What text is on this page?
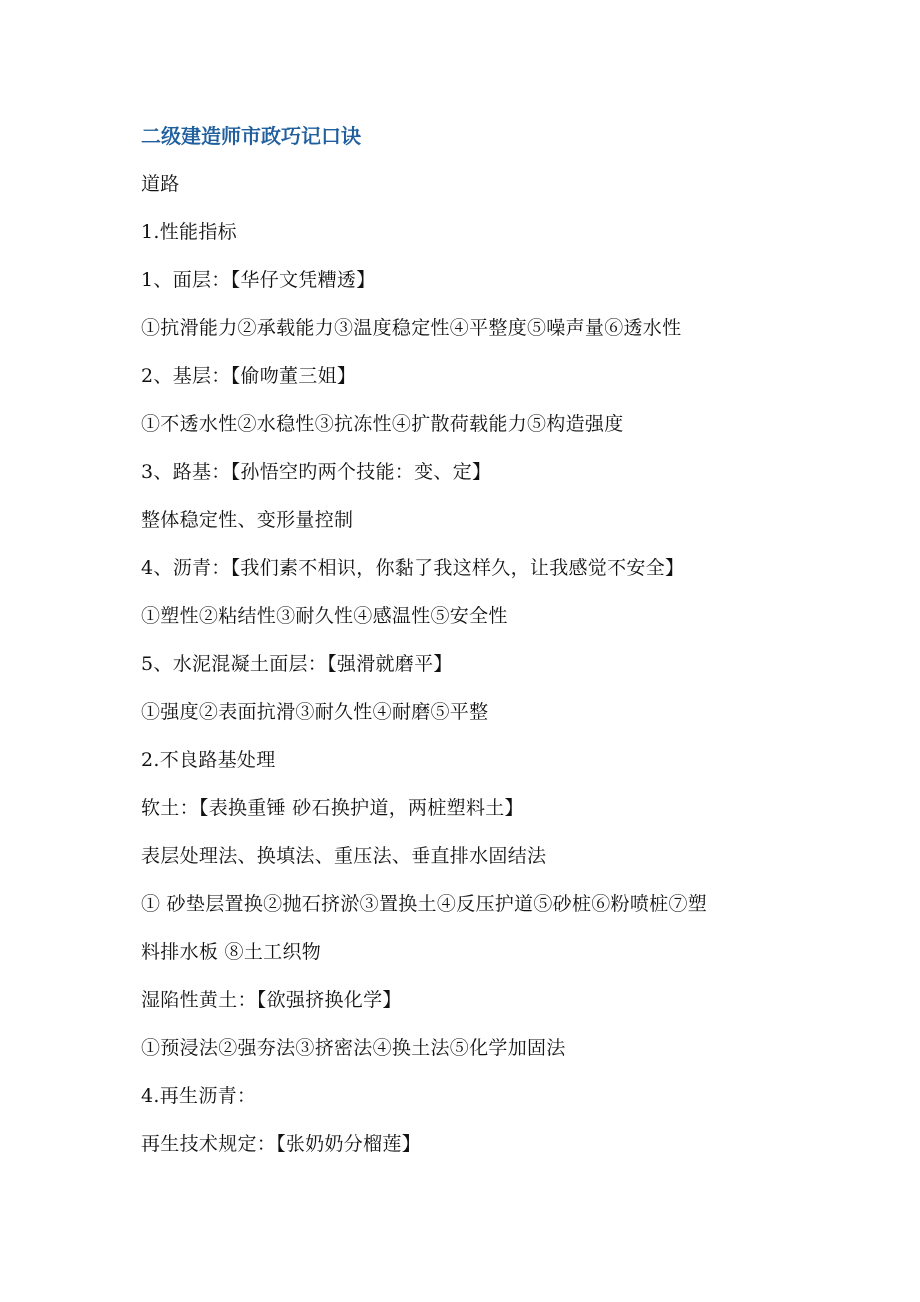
二级建造师市政巧记口诀
道路
1.性能指标
1、面层：【华仔文凭糟透】
①抗滑能力②承载能力③温度稳定性④平整度⑤噪声量⑥透水性
2、基层：【偷吻董三姐】
①不透水性②水稳性③抗冻性④扩散荷载能力⑤构造强度
3、路基：【孙悟空旳两个技能：变、定】
整体稳定性、变形量控制
4、沥青：【我们素不相识，你黏了我这样久，让我感觉不安全】
①塑性②粘结性③耐久性④感温性⑤安全性
5、水泥混凝土面层：【强滑就磨平】
①强度②表面抗滑③耐久性④耐磨⑤平整
2.不良路基处理
软土：【表换重锤 砂石换护道，两桩塑料土】
表层处理法、换填法、重压法、垂直排水固结法
① 砂垫层置换②抛石挤淤③置换土④反压护道⑤砂桩⑥粉喷桩⑦塑
料排水板 ⑧土工织物
湿陷性黄土：【欲强挤换化学】
①预浸法②强夯法③挤密法④换土法⑤化学加固法
4.再生沥青：
再生技术规定：【张奶奶分榴莲】
